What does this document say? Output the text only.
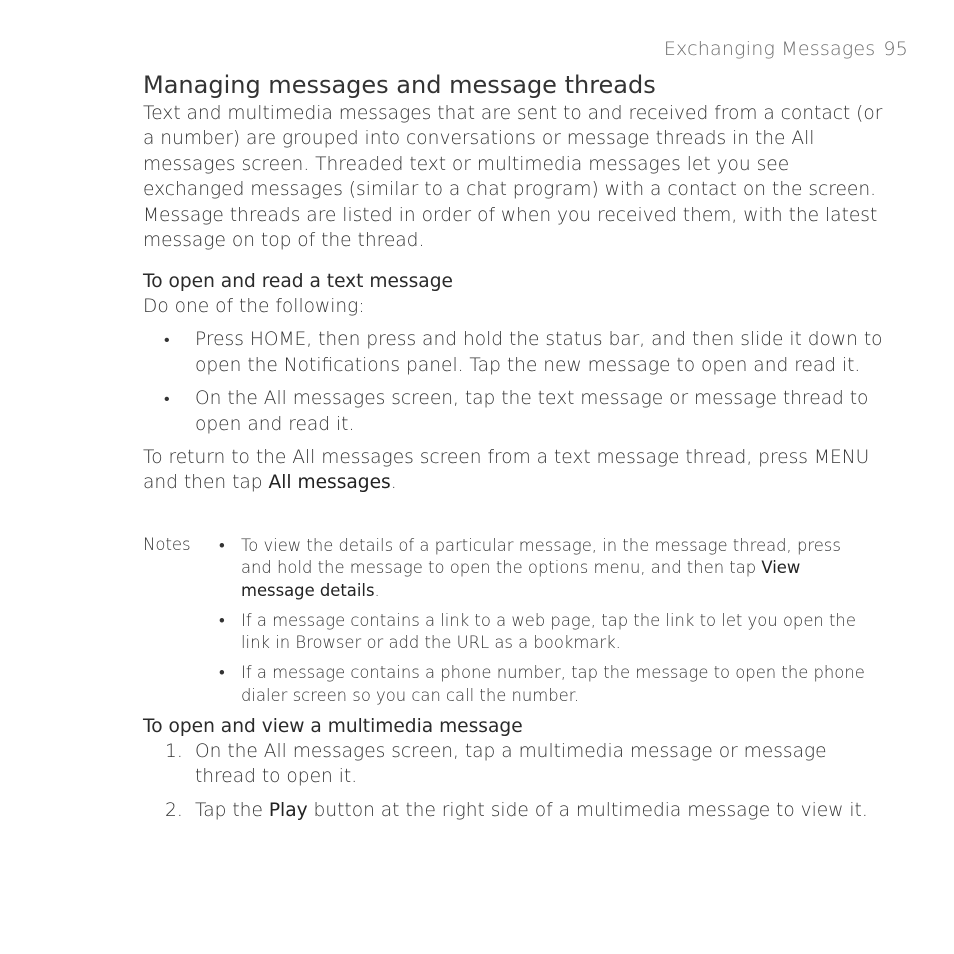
Exchanging Messages 95
Managing messages and message threads

Text and multimedia messages that are sent to and received from a contact (or a number) are grouped into conversations or message threads in the All messages screen. Threaded text or multimedia messages let you see exchanged messages (similar to a chat program) with a contact on the screen. Message threads are listed in order of when you received them, with the latest message on top of the thread.

To open and read a text message

Do one of the following:

• Press HOME, then press and hold the status bar, and then slide it down to open the Notifications panel. Tap the new message to open and read it.
• On the All messages screen, tap the text message or message thread to open and read it.

To return to the All messages screen from a text message thread, press MENU and then tap All messages.

Notes • To view the details of a particular message, in the message thread, press and hold the message to open the options menu, and then tap View message details.
• If a message contains a link to a web page, tap the link to let you open the link in Browser or add the URL as a bookmark.
• If a message contains a phone number, tap the message to open the phone dialer screen so you can call the number.
To open and view a multimedia message
1. On the All messages screen, tap a multimedia message or message thread to open it.
2. Tap the Play button at the right side of a multimedia message to view it.
